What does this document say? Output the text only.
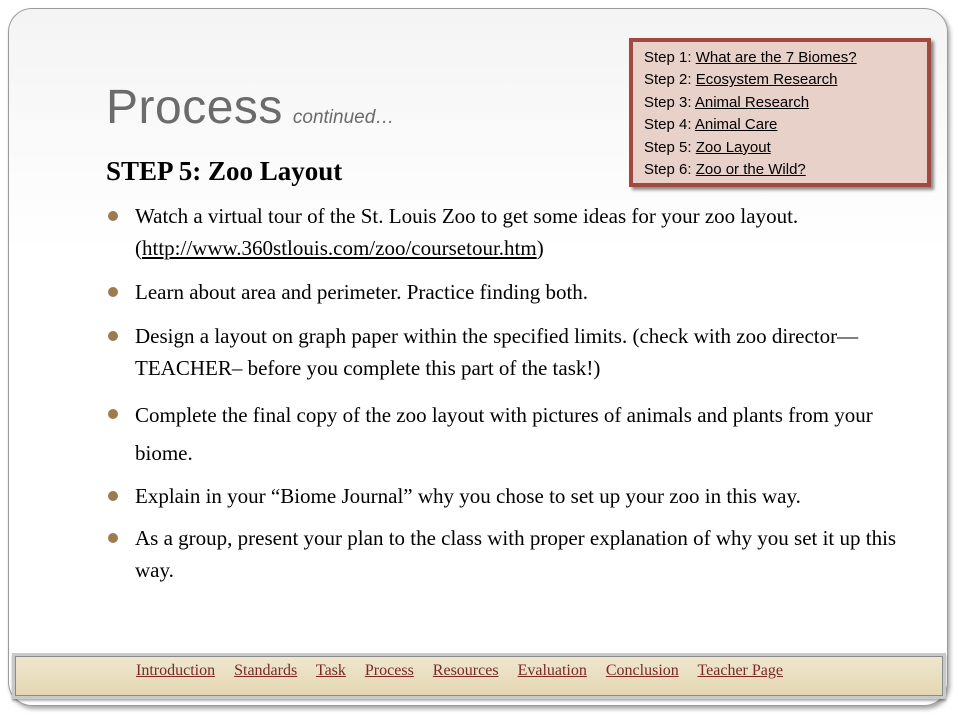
Process continued…
Step 1: What are the 7 Biomes?
Step 2: Ecosystem Research
Step 3: Animal Research
Step 4: Animal Care
Step 5: Zoo Layout
Step 6: Zoo or the Wild?
STEP 5: Zoo Layout
Watch a virtual tour of the St. Louis Zoo to get some ideas for your zoo layout. (http://www.360stlouis.com/zoo/coursetour.htm)
Learn about area and perimeter. Practice finding both.
Design a layout on graph paper within the specified limits. (check with zoo director—TEACHER– before you complete this part of the task!)
Complete the final copy of the zoo layout with pictures of animals and plants from your biome.
Explain in your “Biome Journal” why you chose to set up your zoo in this way.
As a group, present your plan to the class with proper explanation of why you set it up this way.
Introduction Standards Task Process Resources Evaluation Conclusion Teacher Page
